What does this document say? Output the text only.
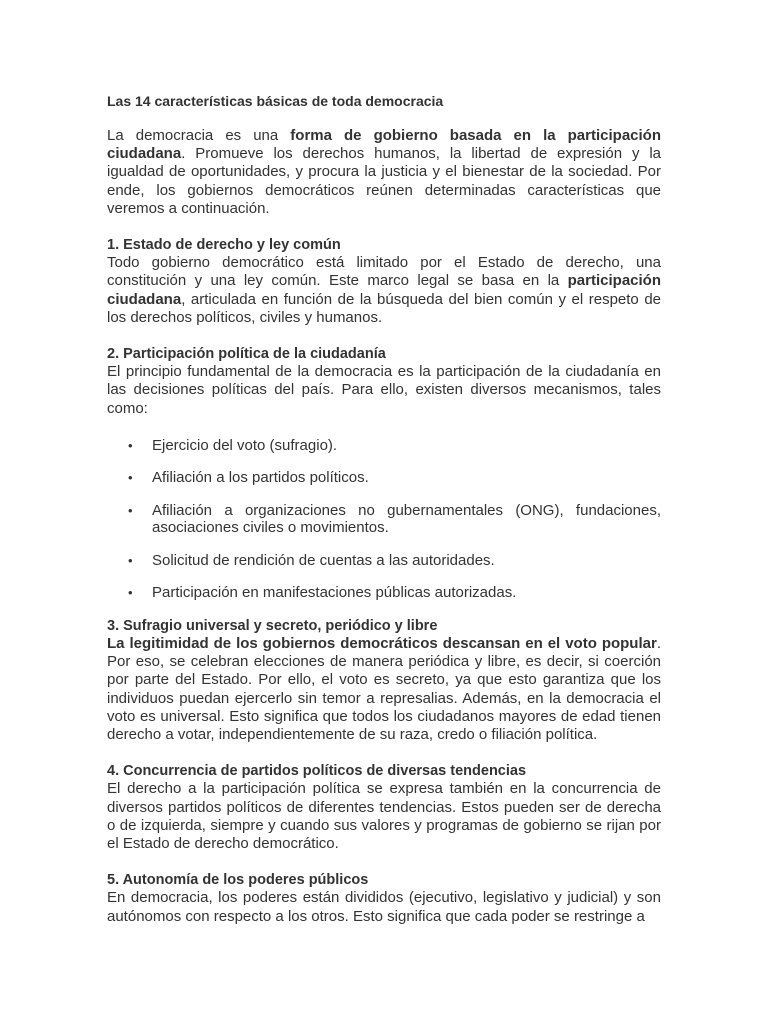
Las 14 características básicas de toda democracia

La democracia es una forma de gobierno basada en la participación ciudadana. Promueve los derechos humanos, la libertad de expresión y la igualdad de oportunidades, y procura la justicia y el bienestar de la sociedad. Por ende, los gobiernos democráticos reúnen determinadas características que veremos a continuación.

1. Estado de derecho y ley común

Todo gobierno democrático está limitado por el Estado de derecho, una constitución y una ley común. Este marco legal se basa en la participación ciudadana, articulada en función de la búsqueda del bien común y el respeto de los derechos políticos, civiles y humanos.

2. Participación política de la ciudadanía

El principio fundamental de la democracia es la participación de la ciudadanía en las decisiones políticas del país. Para ello, existen diversos mecanismos, tales como:

• Ejercicio del voto (sufragio).
• Afiliación a los partidos políticos.
• Afiliación a organizaciones no gubernamentales (ONG), fundaciones, asociaciones civiles o movimientos.
• Solicitud de rendición de cuentas a las autoridades.
• Participación en manifestaciones públicas autorizadas.
3. Sufragio universal y secreto, periódico y libre

La legitimidad de los gobiernos democráticos descansan en el voto popular. Por eso, se celebran elecciones de manera periódica y libre, es decir, si coerción por parte del Estado. Por ello, el voto es secreto, ya que esto garantiza que los individuos puedan ejercerlo sin temor a represalias. Además, en la democracia el voto es universal. Esto significa que todos los ciudadanos mayores de edad tienen derecho a votar, independientemente de su raza, credo o filiación política.

4. Concurrencia de partidos políticos de diversas tendencias

El derecho a la participación política se expresa también en la concurrencia de diversos partidos políticos de diferentes tendencias. Estos pueden ser de derecha o de izquierda, siempre y cuando sus valores y programas de gobierno se rijan por el Estado de derecho democrático.

5. Autonomía de los poderes públicos

En democracia, los poderes están divididos (ejecutivo, legislativo y judicial) y son autónomos con respecto a los otros. Esto significa que cada poder se restringe a
